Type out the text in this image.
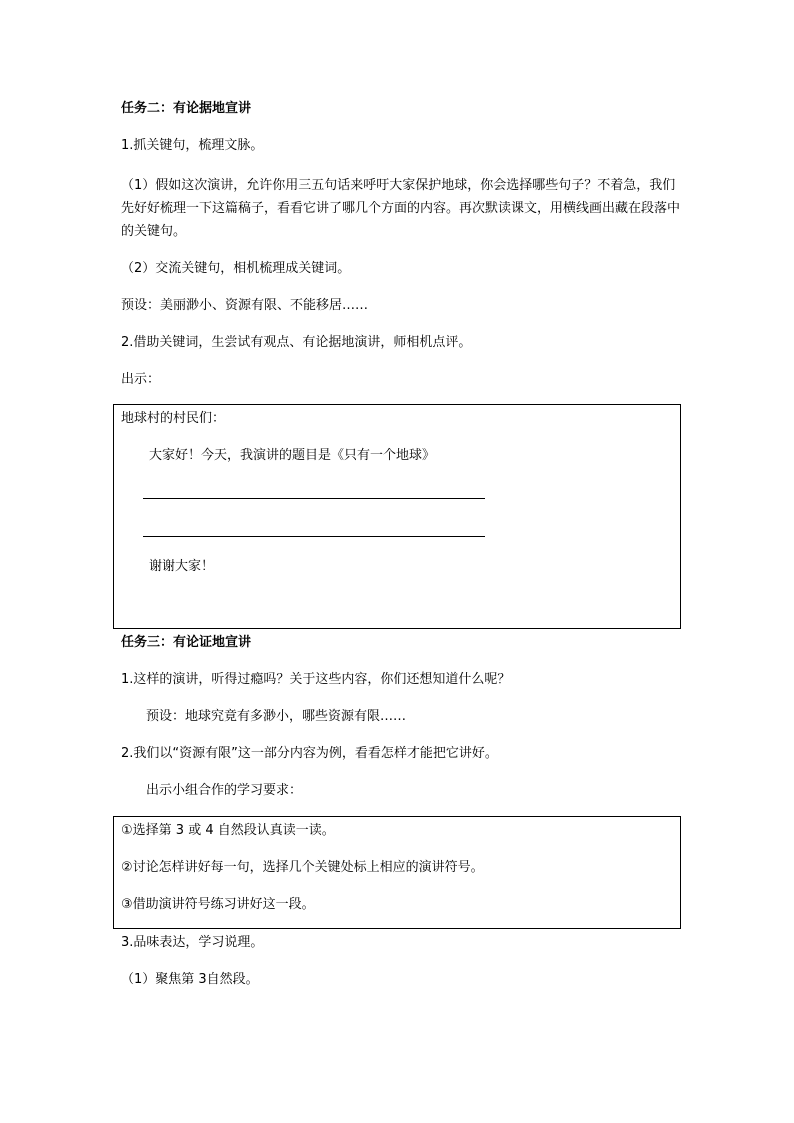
任务二：有论据地宣讲
1.抓关键句，梳理文脉。
（1）假如这次演讲，允许你用三五句话来呼吁大家保护地球，你会选择哪些句子？不着急，我们先好好梳理一下这篇稿子，看看它讲了哪几个方面的内容。再次默读课文，用横线画出藏在段落中的关键句。
（2）交流关键句，相机梳理成关键词。
预设：美丽渺小、资源有限、不能移居……
2.借助关键词，生尝试有观点、有论据地演讲，师相机点评。
出示：
地球村的村民们：
大家好！今天，我演讲的题目是《只有一个地球》
谢谢大家！
任务三：有论证地宣讲
1.这样的演讲，听得过瘾吗？关于这些内容，你们还想知道什么呢？
预设：地球究竟有多渺小，哪些资源有限……
2.我们以“资源有限”这一部分内容为例，看看怎样才能把它讲好。
出示小组合作的学习要求：
①选择第 3 或 4 自然段认真读一读。
②讨论怎样讲好每一句，选择几个关键处标上相应的演讲符号。
③借助演讲符号练习讲好这一段。
3.品味表达，学习说理。
（1）聚焦第 3自然段。
